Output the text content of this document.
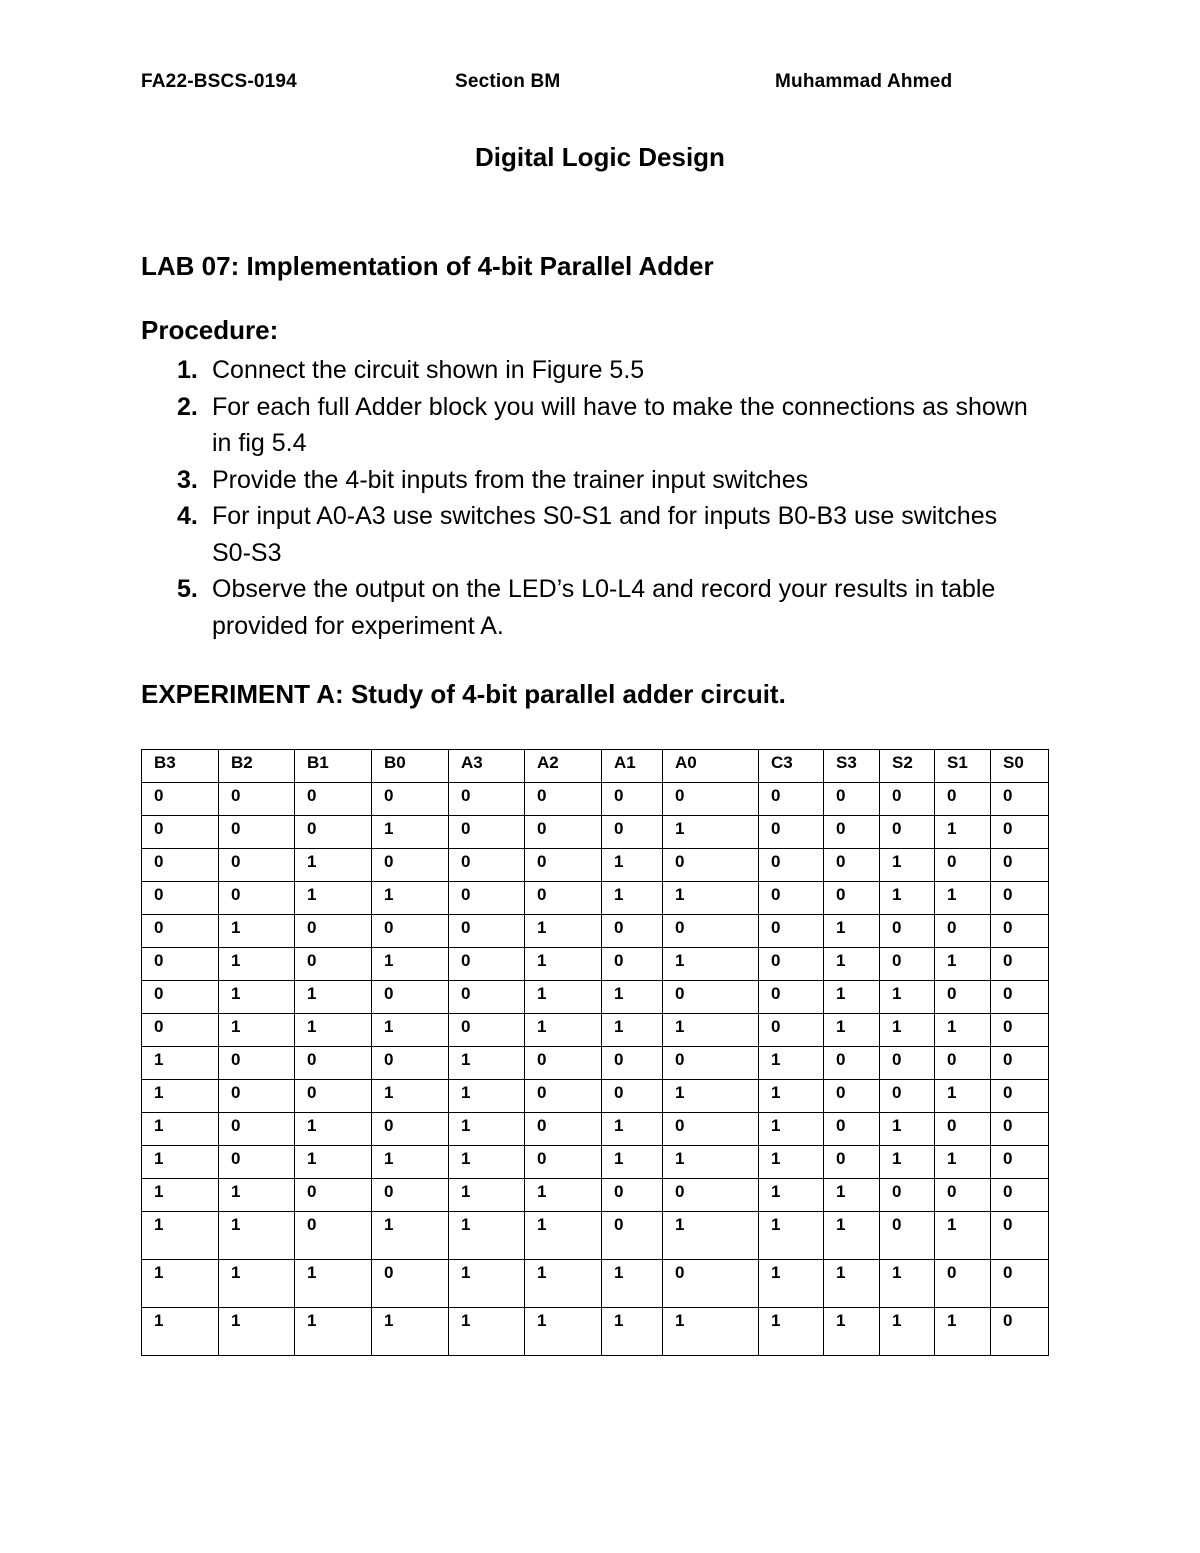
FA22-BSCS-0194	Section BM	Muhammad Ahmed
Digital Logic Design
LAB 07: Implementation of 4-bit Parallel Adder
Procedure:
1. Connect the circuit shown in Figure 5.5
2. For each full Adder block you will have to make the connections as shown in fig 5.4
3. Provide the 4-bit inputs from the trainer input switches
4. For input A0-A3 use switches S0-S1 and for inputs B0-B3 use switches S0-S3
5. Observe the output on the LED’s L0-L4 and record your results in table provided for experiment A.
EXPERIMENT A: Study of 4-bit parallel adder circuit.
B3	B2	B1	B0	A3	A2	A1	A0	C3	S3	S2	S1	S0
0	0	0	0	0	0	0	0	0	0	0	0	0
0	0	0	1	0	0	0	1	0	0	0	1	0
0	0	1	0	0	0	1	0	0	0	1	0	0
0	0	1	1	0	0	1	1	0	0	1	1	0
0	1	0	0	0	1	0	0	0	1	0	0	0
0	1	0	1	0	1	0	1	0	1	0	1	0
0	1	1	0	0	1	1	0	0	1	1	0	0
0	1	1	1	0	1	1	1	0	1	1	1	0
1	0	0	0	1	0	0	0	1	0	0	0	0
1	0	0	1	1	0	0	1	1	0	0	1	0
1	0	1	0	1	0	1	0	1	0	1	0	0
1	0	1	1	1	0	1	1	1	0	1	1	0
1	1	0	0	1	1	0	0	1	1	0	0	0
1	1	0	1	1	1	0	1	1	1	0	1	0
1	1	1	0	1	1	1	0	1	1	1	0	0
1	1	1	1	1	1	1	1	1	1	1	1	0
